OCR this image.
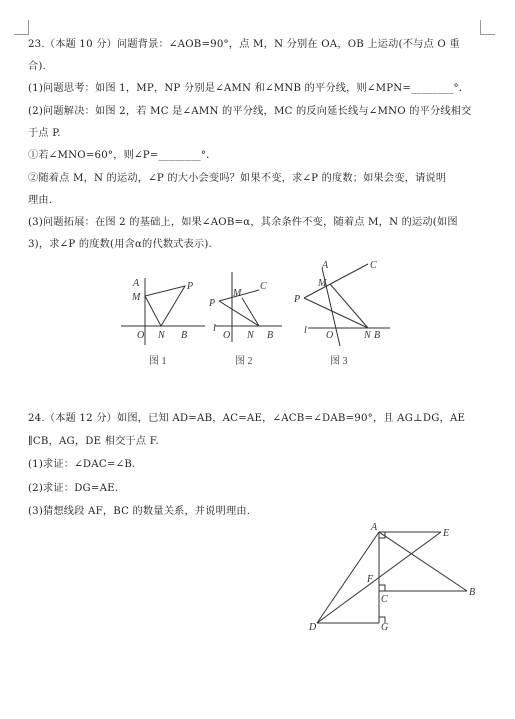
23.（本题 10 分）问题背景：∠AOB=90°，点 M，N 分别在 OA，OB 上运动(不与点 O 重
合).
(1)问题思考：如图 1，MP，NP 分别是∠AMN 和∠MNB 的平分线，则∠MPN=________°．
(2)问题解决：如图 2，若 MC 是∠AMN 的平分线，MC 的反向延长线与∠MNO 的平分线相交
于点 P.
①若∠MNO=60°，则∠P=________°．
②随着点 M，N 的运动，∠P 的大小会变吗？如果不变，求∠P 的度数；如果会变，请说明
理由.
(3)问题拓展：在图 2 的基础上，如果∠AOB=α，其余条件不变，随着点 M，N 的运动(如图
3)，求∠P 的度数(用含α的代数式表示).
A
M
P
O N B
图 1
P
M
C
l
O N B
图 2
A	C
M
P
l O	N B
图 3
24.（本题 12 分）如图，已知 AD=AB，AC=AE，∠ACB=∠DAB=90°，且 AG⊥DG，AE
∥CB，AG，DE 相交于点 F.
(1)求证：∠DAC=∠B.
(2)求证：DG=AE.
(3)猜想线段 AF，BC 的数量关系，并说明理由.
A
E
F
C
B
D	G
